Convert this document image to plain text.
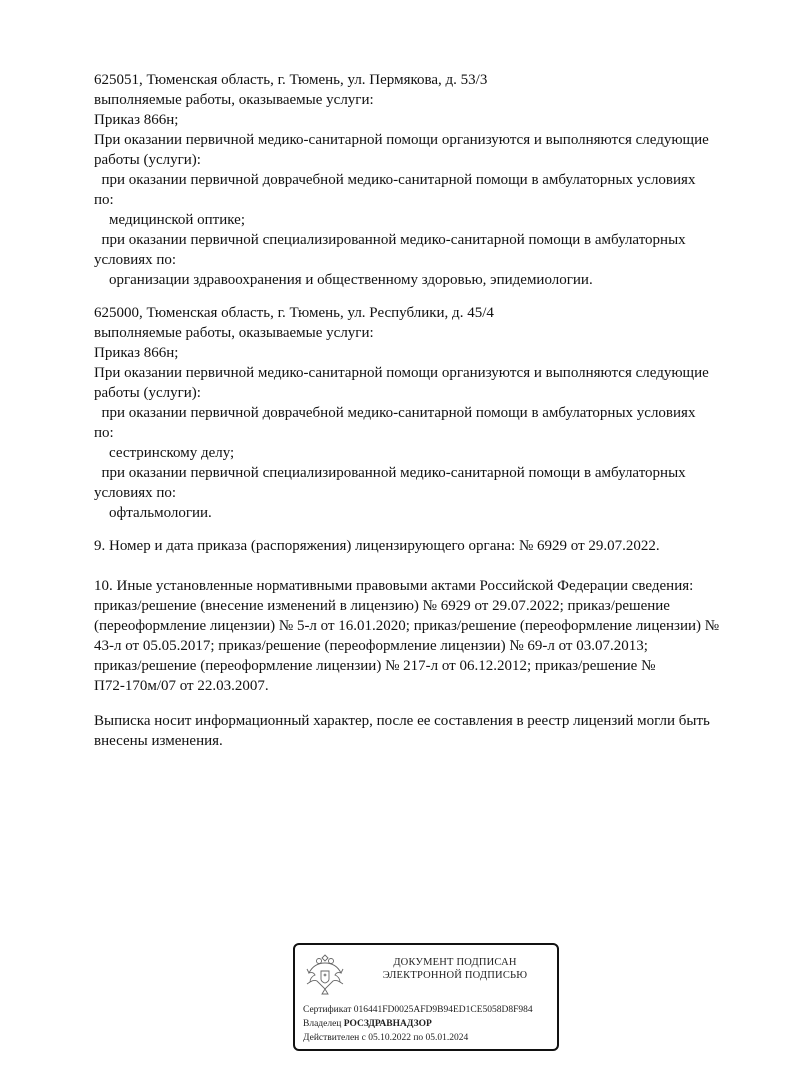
625051, Тюменская область, г. Тюмень, ул. Пермякова, д. 53/3
выполняемые работы, оказываемые услуги:
Приказ 866н;
При оказании первичной медико-санитарной помощи организуются и выполняются следующие
работы (услуги):
при оказании первичной доврачебной медико-санитарной помощи в амбулаторных условиях
по:
медицинской оптике;
при оказании первичной специализированной медико-санитарной помощи в амбулаторных
условиях по:
организации здравоохранения и общественному здоровью, эпидемиологии.
625000, Тюменская область, г. Тюмень, ул. Республики, д. 45/4
выполняемые работы, оказываемые услуги:
Приказ 866н;
При оказании первичной медико-санитарной помощи организуются и выполняются следующие
работы (услуги):
при оказании первичной доврачебной медико-санитарной помощи в амбулаторных условиях
по:
сестринскому делу;
при оказании первичной специализированной медико-санитарной помощи в амбулаторных
условиях по:
офтальмологии.
9. Номер и дата приказа (распоряжения) лицензирующего органа: № 6929 от 29.07.2022.
10. Иные установленные нормативными правовыми актами Российской Федерации сведения:
приказ/решение (внесение изменений в лицензию) № 6929 от 29.07.2022; приказ/решение
(переоформление лицензии) № 5-л от 16.01.2020; приказ/решение (переоформление лицензии) №
43-л от 05.05.2017; приказ/решение (переоформление лицензии) № 69-л от 03.07.2013;
приказ/решение (переоформление лицензии) № 217-л от 06.12.2012; приказ/решение №
П72-170м/07 от 22.03.2007.
Выписка носит информационный характер, после ее составления в реестр лицензий могли быть
внесены изменения.
ДОКУМЕНТ ПОДПИСАН
ЭЛЕКТРОННОЙ ПОДПИСЬЮ
Сертификат 016441FD0025AFD9B94ED1CE5058D8F984
Владелец РОСЗДРАВНАДЗОР
Действителен с 05.10.2022 по 05.01.2024
